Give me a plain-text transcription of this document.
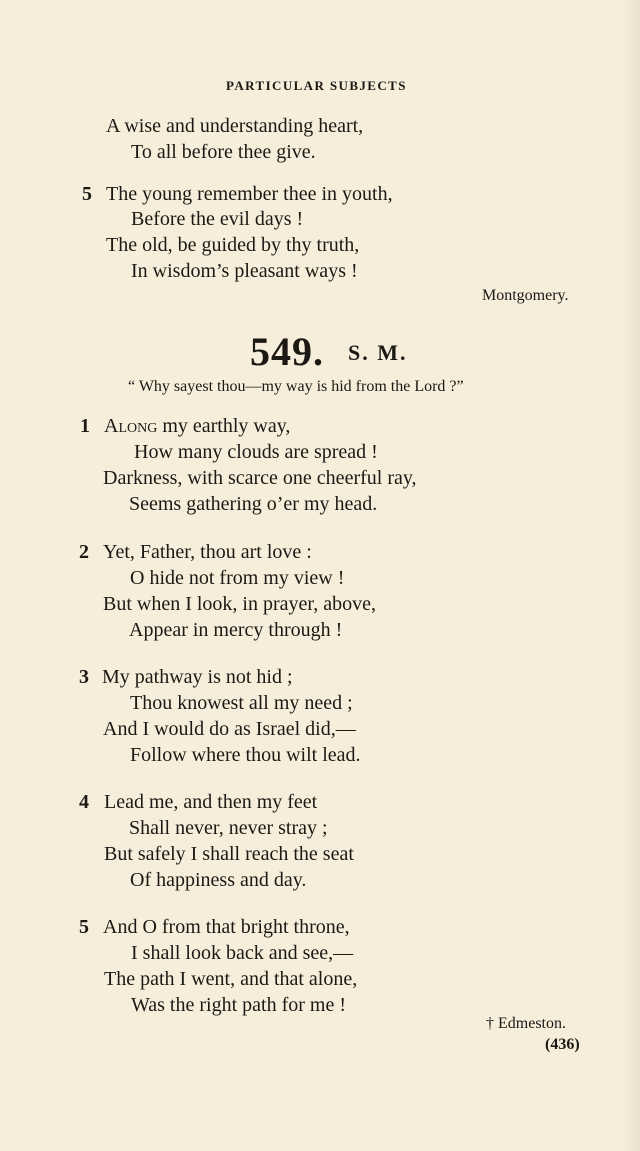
PARTICULAR SUBJECTS
A wise and understanding heart,
To all before thee give.
5 The young remember thee in youth,
Before the evil days !
The old, be guided by thy truth,
In wisdom’s pleasant ways !
Montgomery.
549. S. M.
“ Why sayest thou—my way is hid from the Lord ?”
1 Along my earthly way,
How many clouds are spread !
Darkness, with scarce one cheerful ray,
Seems gathering o’er my head.
2 Yet, Father, thou art love :
O hide not from my view !
But when I look, in prayer, above,
Appear in mercy through !
3 My pathway is not hid ;
Thou knowest all my need ;
And I would do as Israel did,—
Follow where thou wilt lead.
4 Lead me, and then my feet
Shall never, never stray ;
But safely I shall reach the seat
Of happiness and day.
5 And O from that bright throne,
I shall look back and see,—
The path I went, and that alone,
Was the right path for me !
† Edmeston.
(436)
